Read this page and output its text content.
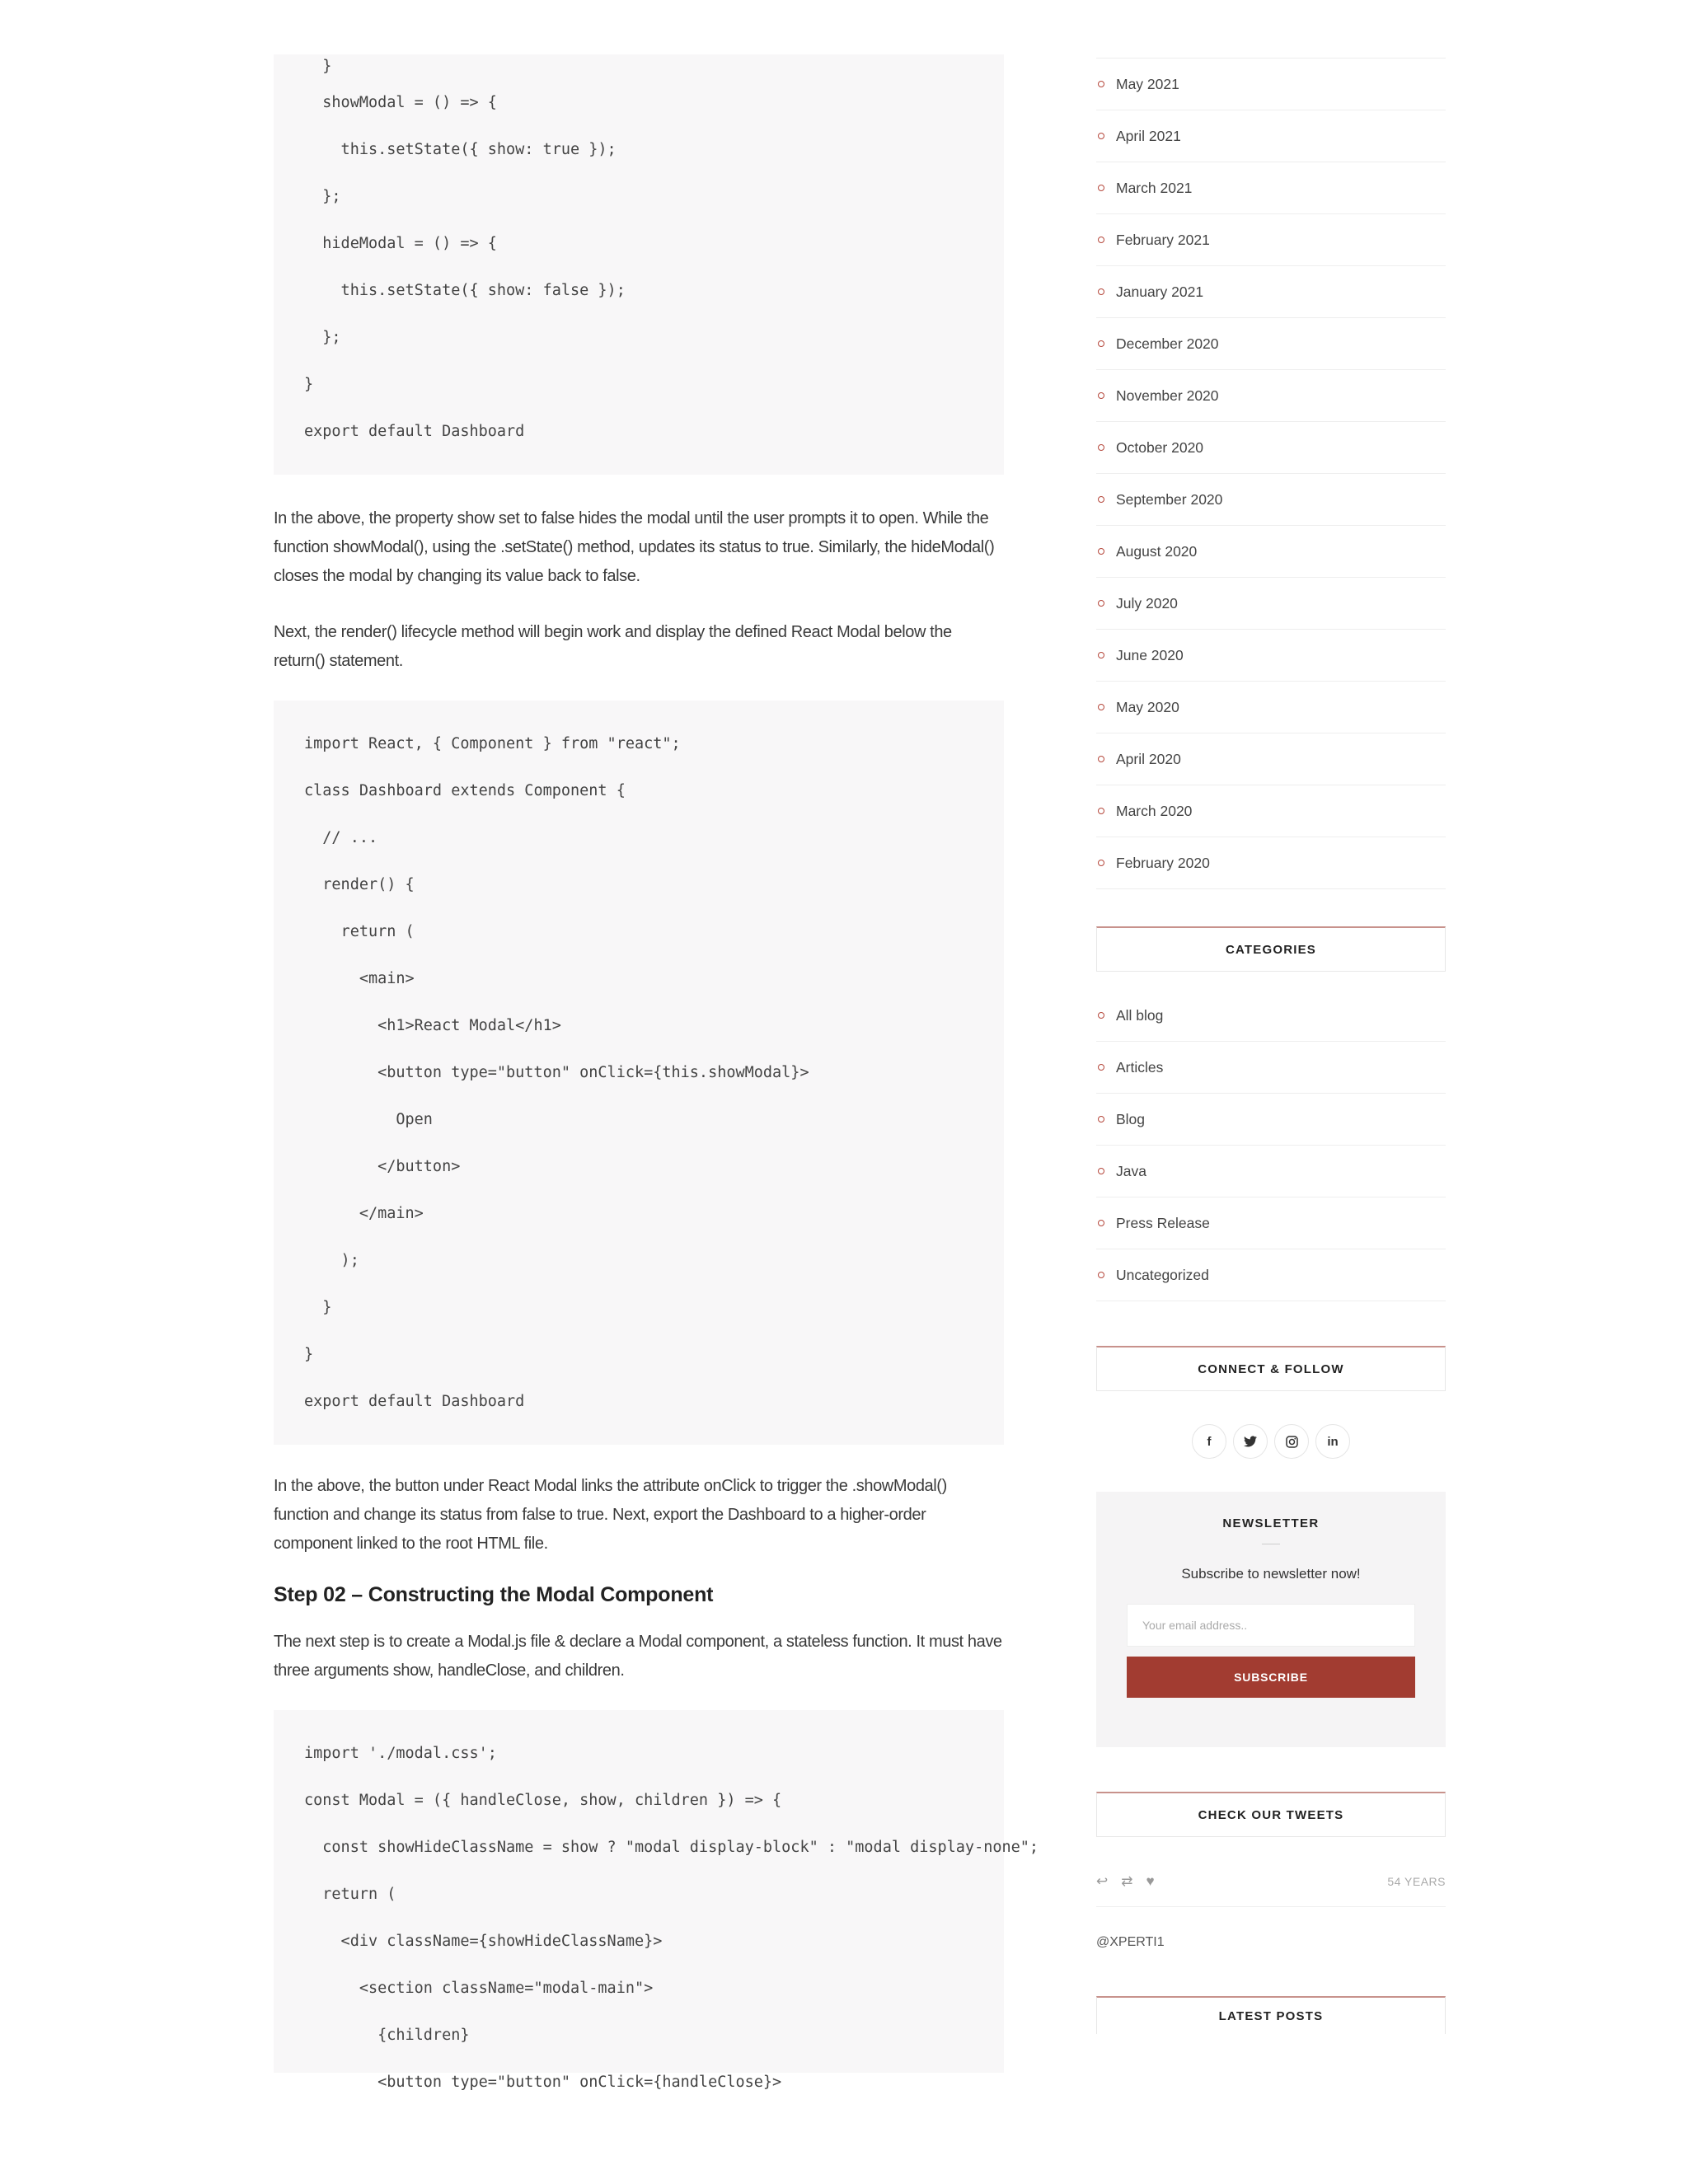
}
showModal = () => {
this.setState({ show: true });
};
hideModal = () => {
this.setState({ show: false });
};
}
export default Dashboard

In the above, the property show set to false hides the modal until the user prompts it to open. While the function showModal(), using the .setState() method, updates its status to true. Similarly, the hideModal() closes the modal by changing its value back to false.

Next, the render() lifecycle method will begin work and display the defined React Modal below the return() statement.

import React, { Component } from "react";
class Dashboard extends Component {
// ...
render() {
return (
<main>
<h1>React Modal</h1>
<button type="button" onClick={this.showModal}>
Open
</button>
</main>
);
}
}
export default Dashboard

In the above, the button under React Modal links the attribute onClick to trigger the .showModal() function and change its status from false to true. Next, export the Dashboard to a higher-order component linked to the root HTML file.

Step 02 – Constructing the Modal Component

The next step is to create a Modal.js file & declare a Modal component, a stateless function. It must have three arguments show, handleClose, and children.

import './modal.css';
const Modal = ({ handleClose, show, children }) => {
const showHideClassName = show ? "modal display-block" : "modal display-none";
return (
<div className={showHideClassName}>
<section className="modal-main">
{children}
<button type="button" onClick={handleClose}>
May 2021
April 2021
March 2021
February 2021
January 2021
December 2020
November 2020
October 2020
September 2020
August 2020
July 2020
June 2020
May 2020
April 2020
March 2020
February 2020
CATEGORIES
All blog
Articles
Blog
Java
Press Release
Uncategorized
CONNECT & FOLLOW
f	in
NEWSLETTER
Subscribe to newsletter now!
Your email address..
SUBSCRIBE
CHECK OUR TWEETS
↩ ⇄ ♥	54 YEARS
@XPERTI1
LATEST POSTS
